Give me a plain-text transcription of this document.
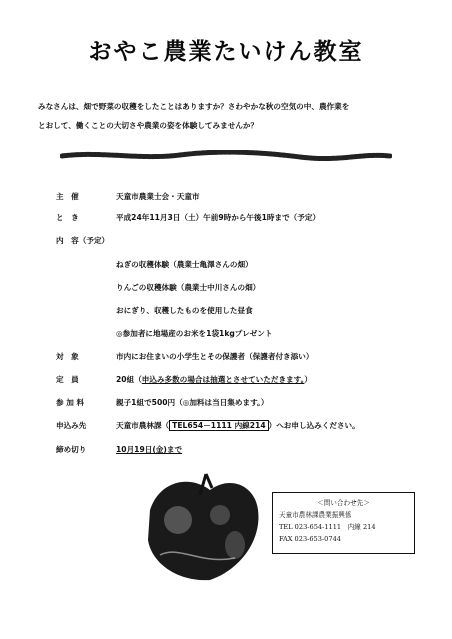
おやこ農業たいけん教室
みなさんは、畑で野菜の収穫をしたことはありますか？さわやかな秋の空気の中、農作業を
とおして、働くことの大切さや農業の姿を体験してみませんか？
主　催	天童市農業士会・天童市
と　き	平成24年11月3日（土）午前9時から午後1時まで（予定）
内　容（予定）
ねぎの収穫体験（農業士亀澤さんの畑）
りんごの収穫体験（農業士中川さんの畑）
おにぎり、収穫したものを使用した昼食
◎参加者に地場産のお米を1袋1kgプレゼント
対　象	市内にお住まいの小学生とその保護者（保護者付き添い）
定　員	20組（申込み多数の場合は抽選とさせていただきます。）
参 加 料	親子1組で500円（◎加料は当日集めます。）
申込み先	天童市農林課（ TEL654－1111 内線214 ）へお申し込みください。
締め切り	10月19日(金)まで
＜問い合わせ先＞
天童市農林課農業振興係
TEL 023-654-1111　内線 214
FAX 023-653-0744
